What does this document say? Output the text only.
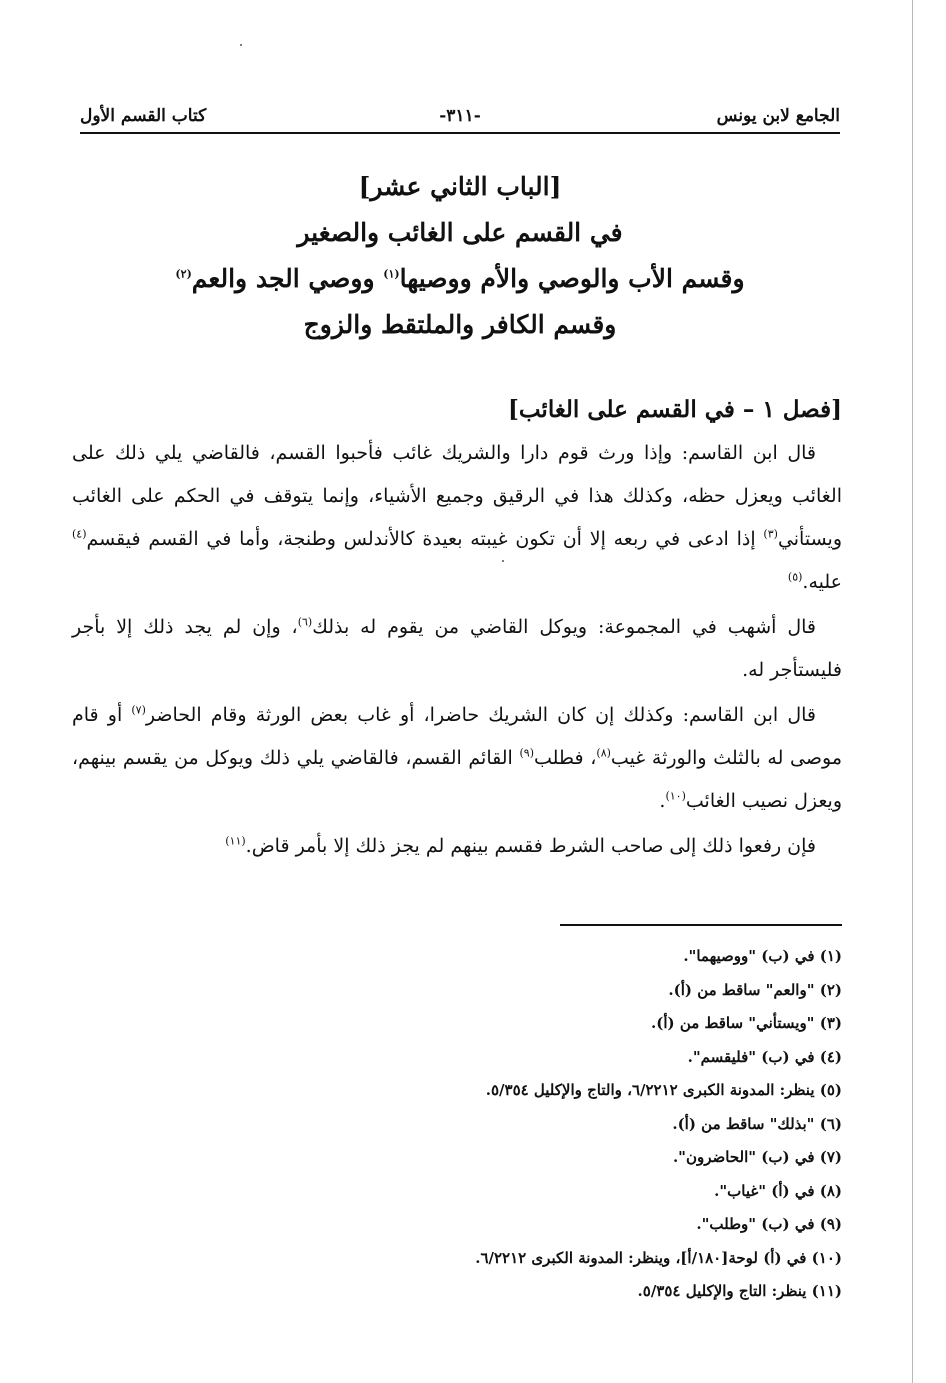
الجامع لابن يونس
-٣١١-
كتاب القسم الأول
[الباب الثاني عشر]
في القسم على الغائب والصغير
وقسم الأب والوصي والأم ووصيها$^{(١)}$ ووصي الجد والعم$^{(٢)}$
وقسم الكافر والملتقط والزوج
[فصل ١ – في القسم على الغائب]

قال ابن القاسم: وإذا ورث قوم دارا والشريك غائب فأحبوا القسم، فالقاضي يلي ذلك على الغائب ويعزل حظه، وكذلك هذا في الرقيق وجميع الأشياء، وإنما يتوقف في الحكم على الغائب ويستأني$^{(٣)}$ إذا ادعى في ربعه إلا أن تكون غيبته بعيدة كالأندلس وطنجة، وأما في القسم فيقسم$^{(٤)}$ عليه.$^{(٥)}$

قال أشهب في المجموعة: ويوكل القاضي من يقوم له بذلك$^{(٦)}$، وإن لم يجد ذلك إلا بأجر فليستأجر له.

قال ابن القاسم: وكذلك إن كان الشريك حاضرا، أو غاب بعض الورثة وقام الحاضر$^{(٧)}$ أو قام موصى له بالثلث والورثة غيب$^{(٨)}$، فطلب$^{(٩)}$ القائم القسم، فالقاضي يلي ذلك ويوكل من يقسم بينهم، ويعزل نصيب الغائب$^{(١٠)}$.

فإن رفعوا ذلك إلى صاحب الشرط فقسم بينهم لم يجز ذلك إلا بأمر قاض.$^{(١١)}$

(١) في (ب) "ووصيهما".
(٢) "والعم" ساقط من (أ).
(٣) "ويستأني" ساقط من (أ).
(٤) في (ب) "فليقسم".
(٥) ينظر: المدونة الكبرى ٦/٢٢١٢، والتاج والإكليل ٥/٣٥٤.
(٦) "بذلك" ساقط من (أ).
(٧) في (ب) "الحاضرون".
(٨) في (أ) "غياب".
(٩) في (ب) "وطلب".
(١٠) في (أ) لوحة[١٨٠/أ]، وينظر: المدونة الكبرى ٦/٢٢١٢.
(١١) ينظر: التاج والإكليل ٥/٣٥٤.
